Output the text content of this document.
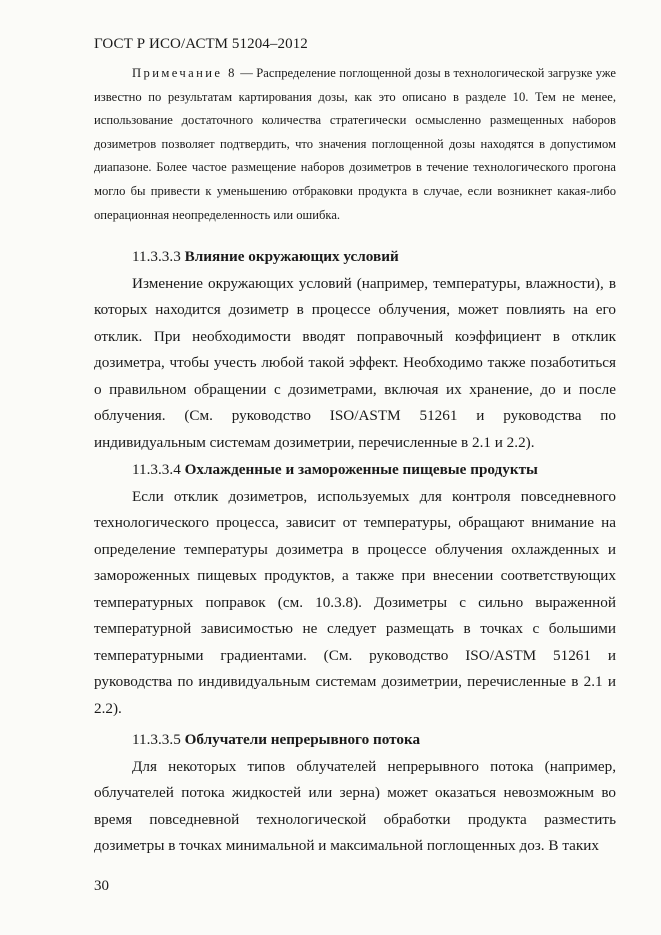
ГОСТ Р ИСО/АСТМ 51204–2012
Примечание 8 — Распределение поглощенной дозы в технологической загрузке уже известно по результатам картирования дозы, как это описано в разделе 10. Тем не менее, использование достаточного количества стратегически осмысленно размещенных наборов дозиметров позволяет подтвердить, что значения поглощенной дозы находятся в допустимом диапазоне. Более частое размещение наборов дозиметров в течение технологического прогона могло бы привести к уменьшению отбраковки продукта в случае, если возникнет какая-либо операционная неопределенность или ошибка.
11.3.3.3 Влияние окружающих условий

Изменение окружающих условий (например, температуры, влажности), в которых находится дозиметр в процессе облучения, может повлиять на его отклик. При необходимости вводят поправочный коэффициент в отклик дозиметра, чтобы учесть любой такой эффект. Необходимо также позаботиться о правильном обращении с дозиметрами, включая их хранение, до и после облучения. (См. руководство ISO/ASTM 51261 и руководства по индивидуальным системам дозиметрии, перечисленные в 2.1 и 2.2).

11.3.3.4 Охлажденные и замороженные пищевые продукты

Если отклик дозиметров, используемых для контроля повседневного технологического процесса, зависит от температуры, обращают внимание на определение температуры дозиметра в процессе облучения охлажденных и замороженных пищевых продуктов, а также при внесении соответствующих температурных поправок (см. 10.3.8). Дозиметры с сильно выраженной температурной зависимостью не следует размещать в точках с большими температурными градиентами. (См. руководство ISO/ASTM 51261 и руководства по индивидуальным системам дозиметрии, перечисленные в 2.1 и 2.2).

11.3.3.5 Облучатели непрерывного потока

Для некоторых типов облучателей непрерывного потока (например, облучателей потока жидкостей или зерна) может оказаться невозможным во время повседневной технологической обработки продукта разместить дозиметры в точках минимальной и максимальной поглощенных доз. В таких

30
